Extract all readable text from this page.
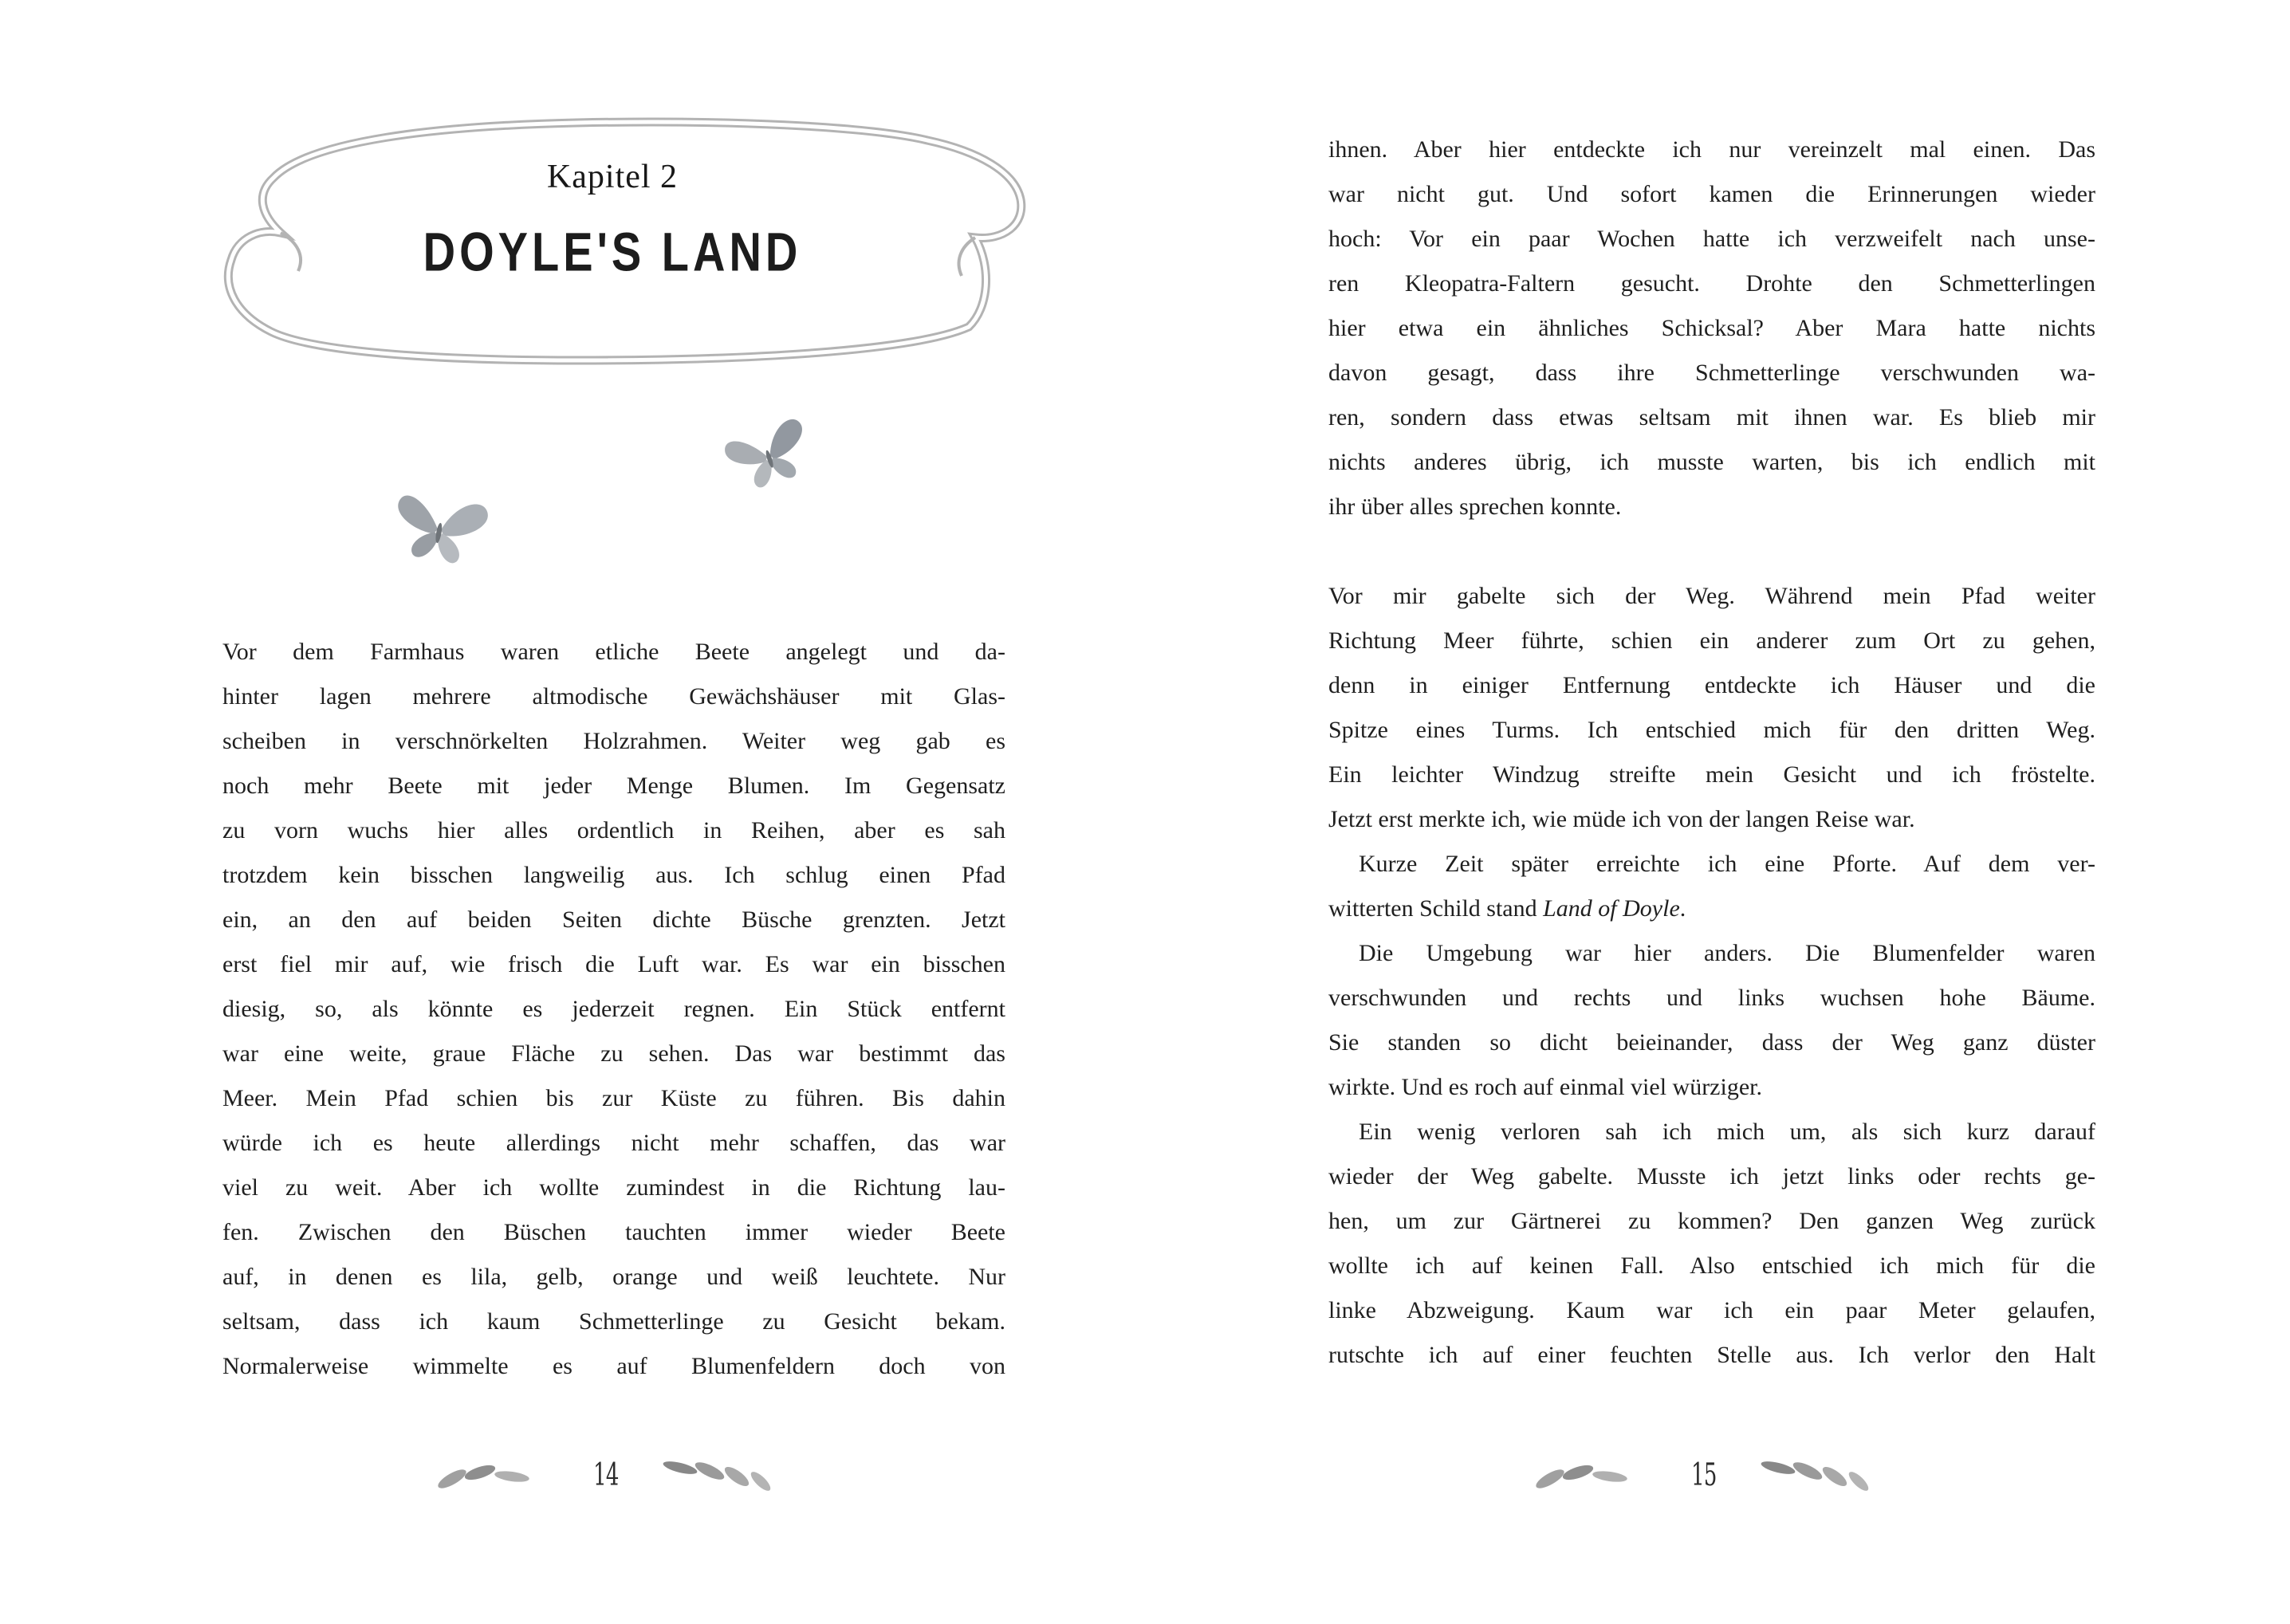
Kapitel 2
DOYLE'S LAND
Vor dem Farmhaus waren etliche Beete angelegt und da-
hinter lagen mehrere altmodische Gewächshäuser mit Glas-
scheiben in verschnörkelten Holzrahmen. Weiter weg gab es
noch mehr Beete mit jeder Menge Blumen. Im Gegensatz
zu vorn wuchs hier alles ordentlich in Reihen, aber es sah
trotzdem kein bisschen langweilig aus. Ich schlug einen Pfad
ein, an den auf beiden Seiten dichte Büsche grenzten. Jetzt
erst fiel mir auf, wie frisch die Luft war. Es war ein bisschen
diesig, so, als könnte es jederzeit regnen. Ein Stück entfernt
war eine weite, graue Fläche zu sehen. Das war bestimmt das
Meer. Mein Pfad schien bis zur Küste zu führen. Bis dahin
würde ich es heute allerdings nicht mehr schaffen, das war
viel zu weit. Aber ich wollte zumindest in die Richtung lau-
fen. Zwischen den Büschen tauchten immer wieder Beete
auf, in denen es lila, gelb, orange und weiß leuchtete. Nur
seltsam, dass ich kaum Schmetterlinge zu Gesicht bekam.
Normalerweise wimmelte es auf Blumenfeldern doch von
14
ihnen. Aber hier entdeckte ich nur vereinzelt mal einen. Das
war nicht gut. Und sofort kamen die Erinnerungen wieder
hoch: Vor ein paar Wochen hatte ich verzweifelt nach unse-
ren Kleopatra-Faltern gesucht. Drohte den Schmetterlingen
hier etwa ein ähnliches Schicksal? Aber Mara hatte nichts
davon gesagt, dass ihre Schmetterlinge verschwunden wa-
ren, sondern dass etwas seltsam mit ihnen war. Es blieb mir
nichts anderes übrig, ich musste warten, bis ich endlich mit
ihr über alles sprechen konnte.
Vor mir gabelte sich der Weg. Während mein Pfad weiter
Richtung Meer führte, schien ein anderer zum Ort zu gehen,
denn in einiger Entfernung entdeckte ich Häuser und die
Spitze eines Turms. Ich entschied mich für den dritten Weg.
Ein leichter Windzug streifte mein Gesicht und ich fröstelte.
Jetzt erst merkte ich, wie müde ich von der langen Reise war.
Kurze Zeit später erreichte ich eine Pforte. Auf dem ver-
witterten Schild stand Land of Doyle.
Die Umgebung war hier anders. Die Blumenfelder waren
verschwunden und rechts und links wuchsen hohe Bäume.
Sie standen so dicht beieinander, dass der Weg ganz düster
wirkte. Und es roch auf einmal viel würziger.
Ein wenig verloren sah ich mich um, als sich kurz darauf
wieder der Weg gabelte. Musste ich jetzt links oder rechts ge-
hen, um zur Gärtnerei zu kommen? Den ganzen Weg zurück
wollte ich auf keinen Fall. Also entschied ich mich für die
linke Abzweigung. Kaum war ich ein paar Meter gelaufen,
rutschte ich auf einer feuchten Stelle aus. Ich verlor den Halt
15
